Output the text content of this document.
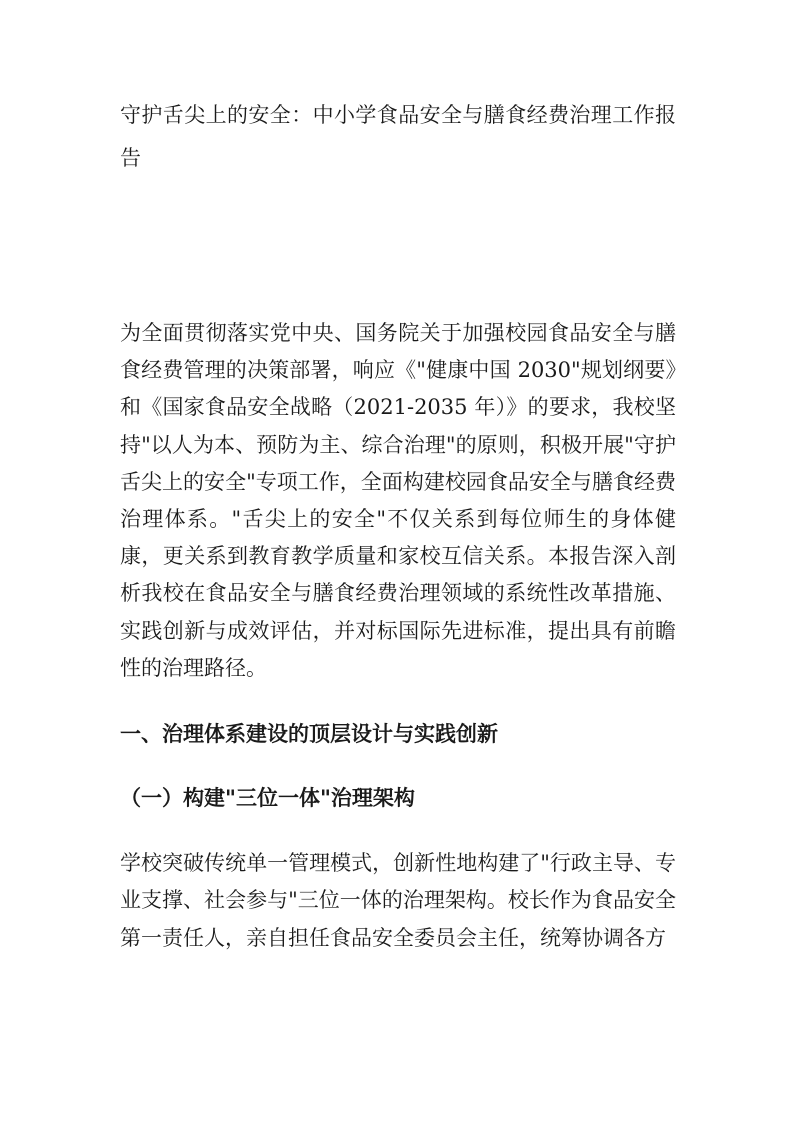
守护舌尖上的安全：中小学食品安全与膳食经费治理工作报告

为全面贯彻落实党中央、国务院关于加强校园食品安全与膳食经费管理的决策部署，响应《"健康中国 2030"规划纲要》和《国家食品安全战略（2021-2035 年）》的要求，我校坚持"以人为本、预防为主、综合治理"的原则，积极开展"守护舌尖上的安全"专项工作，全面构建校园食品安全与膳食经费治理体系。"舌尖上的安全"不仅关系到每位师生的身体健康，更关系到教育教学质量和家校互信关系。本报告深入剖析我校在食品安全与膳食经费治理领域的系统性改革措施、实践创新与成效评估，并对标国际先进标准，提出具有前瞻性的治理路径。

一、治理体系建设的顶层设计与实践创新
（一）构建"三位一体"治理架构

学校突破传统单一管理模式，创新性地构建了"行政主导、专业支撑、社会参与"三位一体的治理架构。校长作为食品安全第一责任人，亲自担任食品安全委员会主任，统筹协调各方
